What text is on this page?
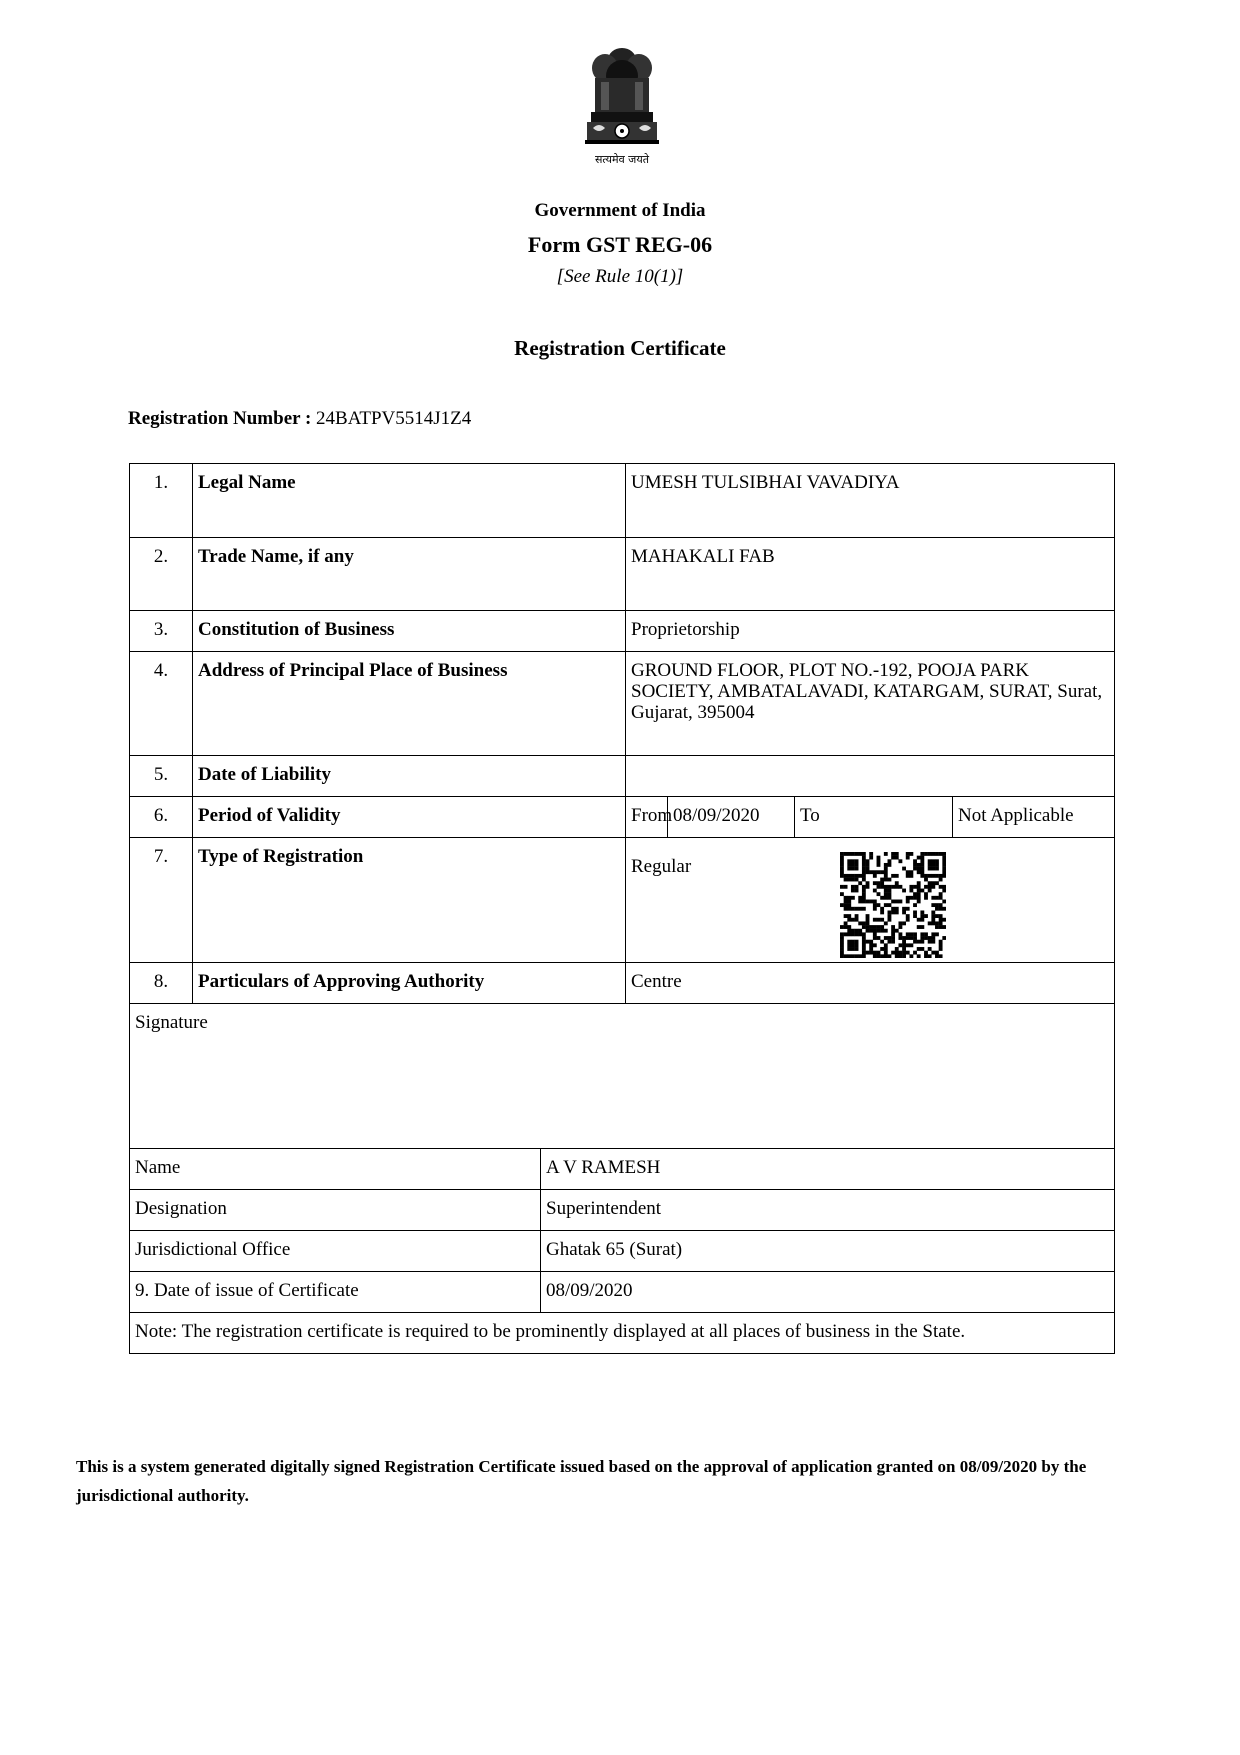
सत्यमेव जयते
Government of India
Form GST REG-06
[See Rule 10(1)]
Registration Certificate
Registration Number : 24BATPV5514J1Z4
1.	Legal Name		UMESH TULSIBHAI VAVADIYA			
2.	Trade Name, if any		MAHAKALI FAB			
3.	Constitution of Business		Proprietorship			
4.	Address of Principal Place of Business		GROUND FLOOR, PLOT NO.-192, POOJA PARK SOCIETY, AMBATALAVADI, KATARGAM, SURAT, Surat, Gujarat, 395004			
5.	Date of Liability					
6.	Period of Validity		From	08/09/2020	To	Not Applicable
7.	Type of Registration		Regular			
8.	Particulars of Approving Authority		Centre			
Signature						
Name		A V RAMESH				
Designation		Superintendent				
Jurisdictional Office		Ghatak 65 (Surat)				
9. Date of issue of Certificate		08/09/2020				
Note: The registration certificate is required to be prominently displayed at all places of business in the State.						
This is a system generated digitally signed Registration Certificate issued based on the approval of application granted on 08/09/2020 by the jurisdictional authority.
